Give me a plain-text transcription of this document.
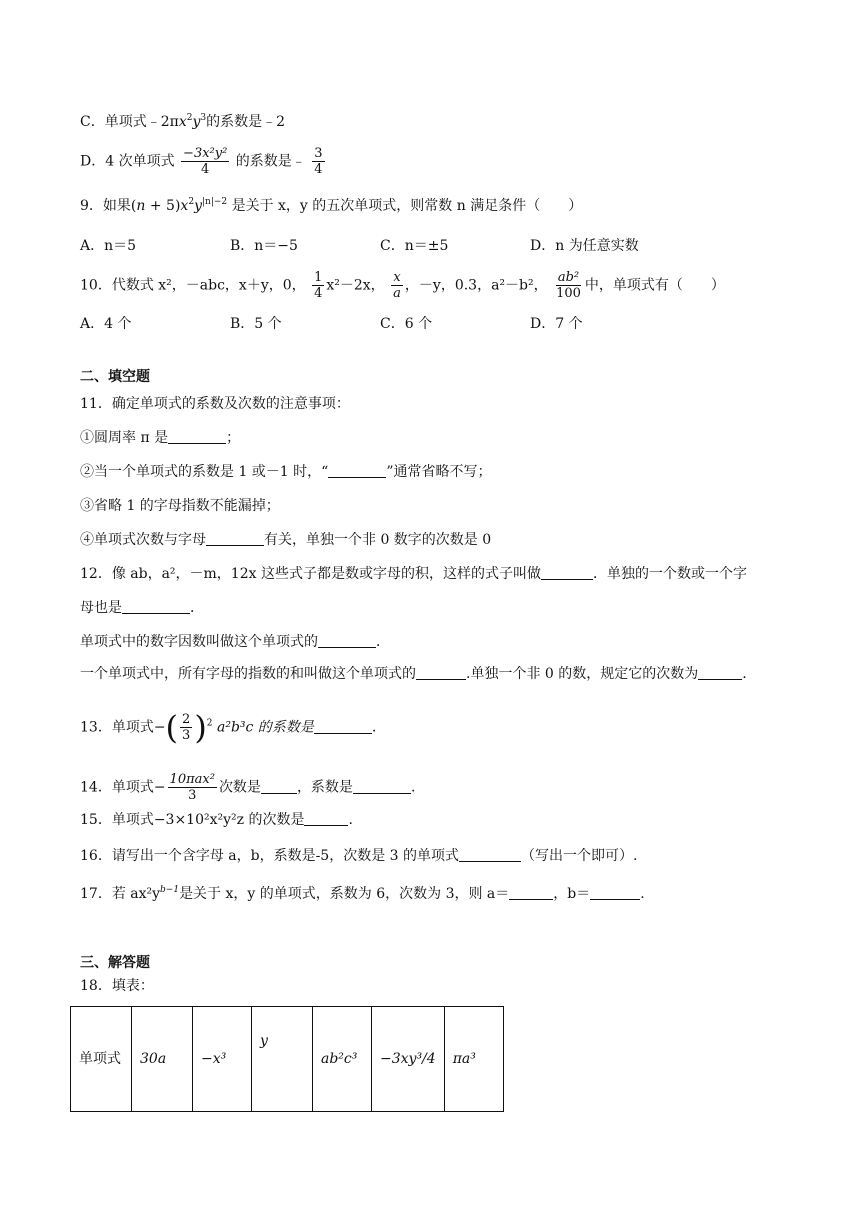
C．单项式$﹣2\pi x^2y^3$的系数是﹣2
D．4 次单项式 $\frac{\text{−3x²y²}}{4}$ 的系数是﹣ $\frac{3}{4}$
9．如果$(n + 5)x^2y^{|n|-2}$ 是关于 x，y 的五次单项式，则常数 n 满足条件（　　）
A．n＝5	B．n＝−5	C．n＝±5	D．n 为任意实数
10．代数式 x²，－abc，x＋y，0， $\frac{1}{4} x^2-2x$， $\frac{x}{a}$ ，－y，0.3，a²－b²， $\frac{\text{ab²}}{100}$ 中，单项式有（　　）
A．4 个	B．5 个	C．6 个	D．7 个
二、填空题
11．确定单项式的系数及次数的注意事项：
①圆周率 π 是	；
②当一个单项式的系数是 1 或－1 时，“	”通常省略不写；
③省略 1 的字母指数不能漏掉；
④单项式次数与字母	有关，单独一个非 0 数字的次数是 0
12．像 ab，a²，－m，12x 这些式子都是数或字母的积，这样的式子叫做	．单独的一个数或一个字
母也是	．
单项式中的数字因数叫做这个单项式的	．
一个单项式中，所有字母的指数的和叫做这个单项式的	.单独一个非 0 的数，规定它的次数为	.
13．单项式−( $\frac{2}{3} )^2$ a²b³c 的系数是	.
14．单项式− $\frac{\text{10πax²}}{3}$ 次数是	，系数是	.
15．单项式−3×10²x²y²z 的次数是	.
16．请写出一个含字母 a，b，系数是-5，次数是 3 的单项式	（写出一个即可）.
17．若 $ax^2y^{b-1}$是关于 x，y 的单项式，系数为 6，次数为 3，则 a＝	，b＝	.
三、解答题
18．填表：
单项式	30a	−x³	y	ab²c³	−3xy³/4	πa³
